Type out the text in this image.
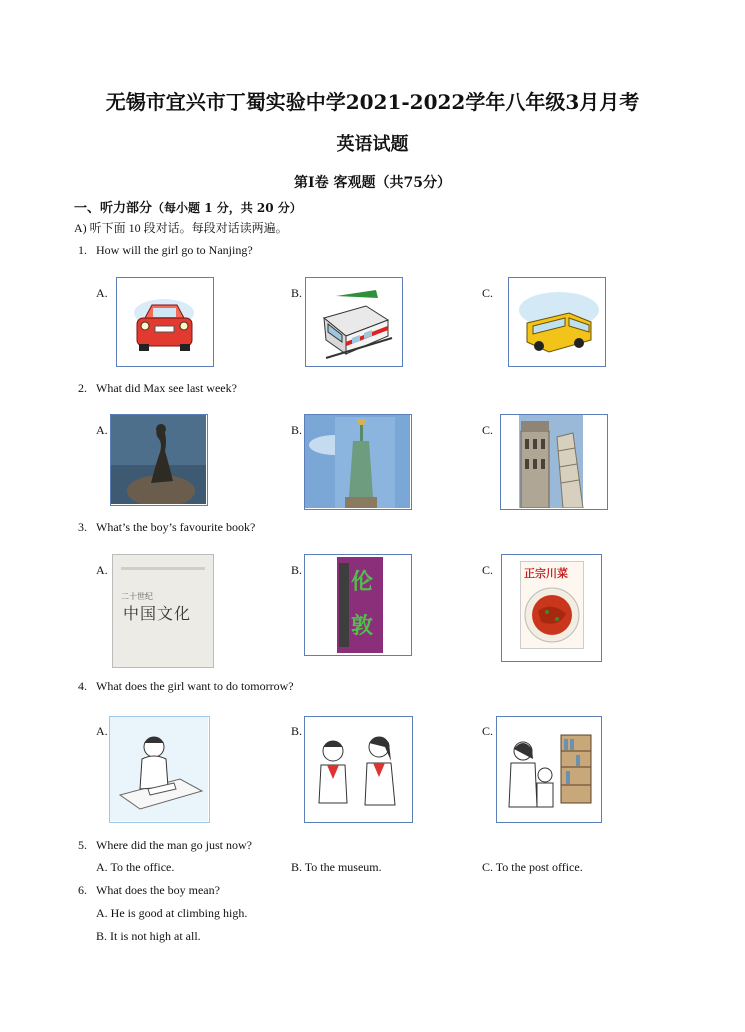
无锡市宜兴市丁蜀实验中学2021-2022学年八年级3月月考
英语试题
第I卷 客观题（共75分）
一、听力部分（每小题 1 分，共 20 分）
A) 听下面 10 段对话。每段对话读两遍。
1. How will the girl go to Nanjing?
A.	B.	C.
2. What did Max see last week?
A.	B.	C.
3. What’s the boy’s favourite book?
A.	B.	C.
二十世纪
中国文化
伦
敦
正宗川菜
4. What does the girl want to do tomorrow?
A.	B.	C.
5. Where did the man go just now?
A. To the office.	B. To the museum.	C. To the post office.
6. What does the boy mean?
A. He is good at climbing high.
B. It is not high at all.
